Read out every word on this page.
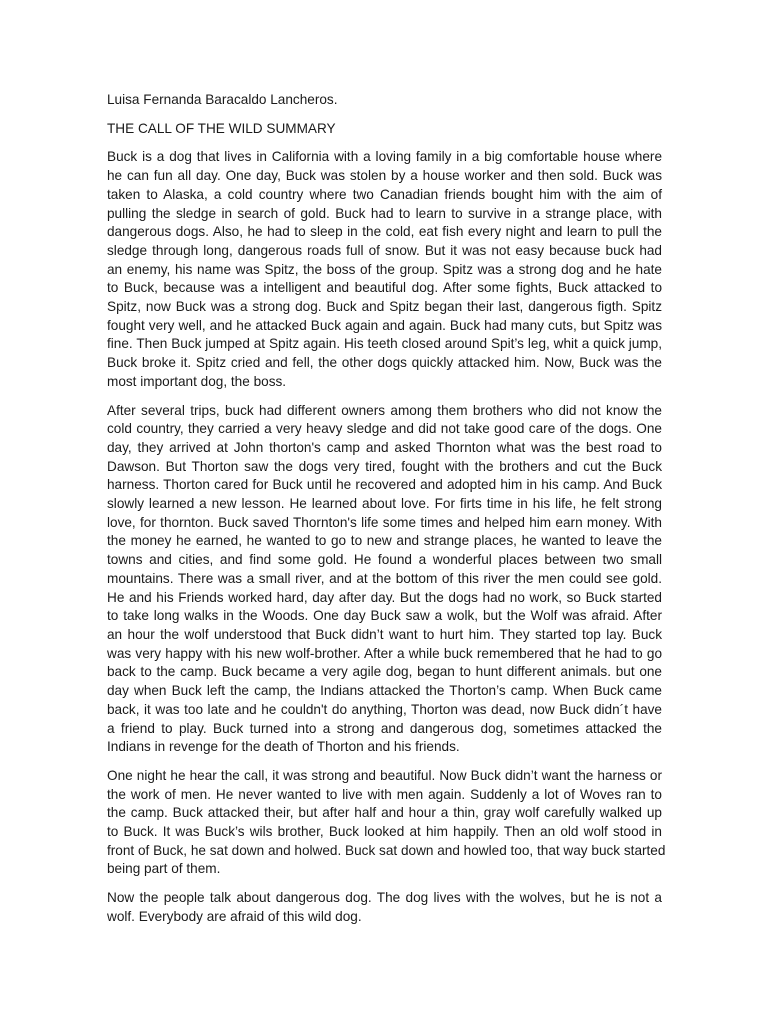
Luisa Fernanda Baracaldo Lancheros.
THE CALL OF THE WILD SUMMARY
Buck is a dog that lives in California with a loving family in a big comfortable house where
he can fun all day. One day, Buck was stolen by a house worker and then sold. Buck was
taken to Alaska, a cold country where two Canadian friends bought him with the aim of
pulling the sledge in search of gold. Buck had to learn to survive in a strange place, with
dangerous dogs. Also, he had to sleep in the cold, eat fish every night and learn to pull the
sledge through long, dangerous roads full of snow. But it was not easy because buck had
an enemy, his name was Spitz, the boss of the group. Spitz was a strong dog and he hate
to Buck, because was a intelligent and beautiful dog. After some fights, Buck attacked to
Spitz, now Buck was a strong dog. Buck and Spitz began their last, dangerous figth. Spitz
fought very well, and he attacked Buck again and again. Buck had many cuts, but Spitz was
fine. Then Buck jumped at Spitz again. His teeth closed around Spit’s leg, whit a quick jump,
Buck broke it. Spitz cried and fell, the other dogs quickly attacked him. Now, Buck was the
most important dog, the boss.
After several trips, buck had different owners among them brothers who did not know the
cold country, they carried a very heavy sledge and did not take good care of the dogs. One
day, they arrived at John thorton's camp and asked Thornton what was the best road to
Dawson. But Thorton saw the dogs very tired, fought with the brothers and cut the Buck
harness. Thorton cared for Buck until he recovered and adopted him in his camp. And Buck
slowly learned a new lesson. He learned about love. For firts time in his life, he felt strong
love, for thornton. Buck saved Thornton's life some times and helped him earn money. With
the money he earned, he wanted to go to new and strange places, he wanted to leave the
towns and cities, and find some gold. He found a wonderful places between two small
mountains. There was a small river, and at the bottom of this river the men could see gold.
He and his Friends worked hard, day after day. But the dogs had no work, so Buck started
to take long walks in the Woods. One day Buck saw a wolk, but the Wolf was afraid. After
an hour the wolf understood that Buck didn’t want to hurt him. They started top lay. Buck
was very happy with his new wolf-brother. After a while buck remembered that he had to go
back to the camp. Buck became a very agile dog, began to hunt different animals. but one
day when Buck left the camp, the Indians attacked the Thorton’s camp. When Buck came
back, it was too late and he couldn't do anything, Thorton was dead, now Buck didn´t have
a friend to play. Buck turned into a strong and dangerous dog, sometimes attacked the
Indians in revenge for the death of Thorton and his friends.
One night he hear the call, it was strong and beautiful. Now Buck didn’t want the harness or
the work of men. He never wanted to live with men again. Suddenly a lot of Woves ran to
the camp. Buck attacked their, but after half and hour a thin, gray wolf carefully walked up
to Buck. It was Buck’s wils brother, Buck looked at him happily. Then an old wolf stood in
front of Buck, he sat down and holwed. Buck sat down and howled too, that way buck started
being part of them.
Now the people talk about dangerous dog. The dog lives with the wolves, but he is not a
wolf. Everybody are afraid of this wild dog.
